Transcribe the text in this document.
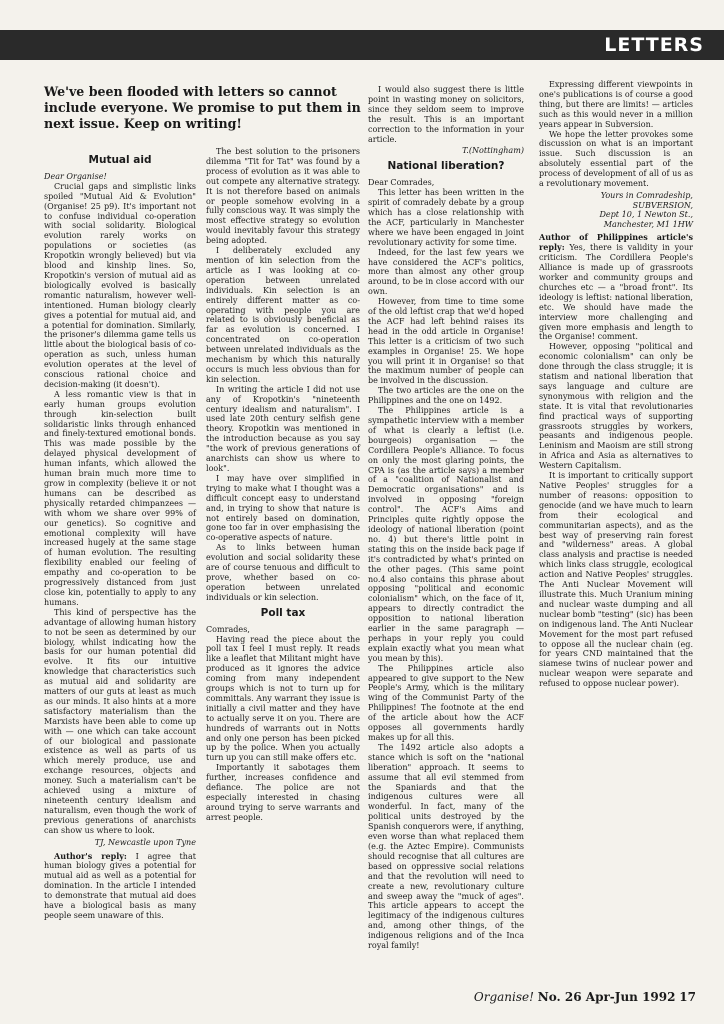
LETTERS
We've been flooded with letters so cannot include everyone. We promise to put them in next issue. Keep on writing!
Mutual aid

Dear Organise!

Crucial gaps and simplistic links spoiled "Mutual Aid & Evolution" (Organise! 25 p9). It's important not to confuse individual co-operation with social solidarity. Biological evolution rarely works on populations or societies (as Kropotkin wrongly believed) but via blood and kinship lines. So, Kropotkin's version of mutual aid as biologically evolved is basically romantic naturalism, however well-intentioned. Human biology clearly gives a potential for mutual aid, and a potential for domination. Similarly, the prisoner's dilemma game tells us little about the biological basis of co-operation as such, unless human evolution operates at the level of conscious rational choice and decision-making (it doesn't).

A less romantic view is that in early human groups evolution through kin-selection built solidaristic links through enhanced and finely-textured emotional bonds. This was made possible by the delayed physical development of human infants, which allowed the human brain much more time to grow in complexity (believe it or not humans can be described as physically retarded chimpanzees — with whom we share over 99% of our genetics). So cognitive and emotional complexity will have increased hugely at the same stage of human evolution. The resulting flexibility enabled our feeling of empathy and co-operation to be progressively distanced from just close kin, potentially to apply to any humans.

This kind of perspective has the advantage of allowing human history to not be seen as determined by our biology, whilst indicating how the basis for our human potential did evolve. It fits our intuitive knowledge that characteristics such as mutual aid and solidarity are matters of our guts at least as much as our minds. It also hints at a more satisfactory materialism than the Marxists have been able to come up with — one which can take account of our biological and passionate existence as well as parts of us which merely produce, use and exchange resources, objects and money. Such a materialism can't be achieved using a mixture of nineteenth century idealism and naturalism, even though the work of previous generations of anarchists can show us where to look.

TJ, Newcastle upon Tyne

Author's reply: I agree that human biology gives a potential for mutual aid as well as a potential for domination. In the article I intended to demonstrate that mutual aid does have a biological basis as many people seem unaware of this.

The best solution to the prisoners dilemma "Tit for Tat" was found by a process of evolution as it was able to out compete any alternative strategy. It is not therefore based on animals or people somehow evolving in a fully conscious way. It was simply the most effective strategy so evolution would inevitably favour this strategy being adopted.

I deliberately excluded any mention of kin selection from the article as I was looking at co-operation between unrelated individuals. Kin selection is an entirely different matter as co-operating with people you are related to is obviously beneficial as far as evolution is concerned. I concentrated on co-operation between unrelated individuals as the mechanism by which this naturally occurs is much less obvious than for kin selection.

In writing the article I did not use any of Kropotkin's "nineteenth century idealism and naturalism". I used late 20th century selfish gene theory. Kropotkin was mentioned in the introduction because as you say "the work of previous generations of anarchists can show us where to look".

I may have over simplified in trying to make what I thought was a difficult concept easy to understand and, in trying to show that nature is not entirely based on domination, gone too far in over emphasising the co-operative aspects of nature.

As to links between human evolution and social solidarity these are of course tenuous and difficult to prove, whether based on co-operation between unrelated individuals or kin selection.

Poll tax

Comrades,

Having read the piece about the poll tax I feel I must reply. It reads like a leaflet that Militant might have produced as it ignores the advice coming from many independent groups which is not to turn up for committals. Any warrant they issue is initially a civil matter and they have to actually serve it on you. There are hundreds of warrants out in Notts and only one person has been picked up by the police. When you actually turn up you can still make offers etc.

Importantly it sabotages them further, increases confidence and defiance. The police are not especially interested in chasing around trying to serve warrants and arrest people.

I would also suggest there is little point in wasting money on solicitors, since they seldom seem to improve the result. This is an important correction to the information in your article.

T.(Nottingham)

National liberation?

Dear Comrades,

This letter has been written in the spirit of comradely debate by a group which has a close relationship with the ACF, particularly in Manchester where we have been engaged in joint revolutionary activity for some time.

Indeed, for the last few years we have considered the ACF's politics, more than almost any other group around, to be in close accord with our own.

However, from time to time some of the old leftist crap that we'd hoped the ACF had left behind raises its head in the odd article in Organise! This letter is a criticism of two such examples in Organise! 25. We hope you will print it in Organise! so that the maximum number of people can be involved in the discussion.

The two articles are the one on the Philippines and the one on 1492.

The Philippines article is a sympathetic interview with a member of what is clearly a leftist (i.e. bourgeois) organisation — the Cordillera People's Alliance. To focus on only the most glaring points, the CPA is (as the article says) a member of a "coalition of Nationalist and Democratic organisations" and is involved in opposing "foreign control". The ACF's Aims and Principles quite rightly oppose the ideology of national liberation (point no. 4) but there's little point in stating this on the inside back page if it's contradicted by what's printed on the other pages. (This same point no.4 also contains this phrase about opposing "political and economic colonialism" which, on the face of it, appears to directly contradict the opposition to national liberation earlier in the same paragraph — perhaps in your reply you could explain exactly what you mean what you mean by this).

The Philippines article also appeared to give support to the New People's Army, which is the military wing of the Communist Party of the Philippines! The footnote at the end of the article about how the ACF opposes all governments hardly makes up for all this.

The 1492 article also adopts a stance which is soft on the "national liberation" approach. It seems to assume that all evil stemmed from the Spaniards and that the indigenous cultures were all wonderful. In fact, many of the political units destroyed by the Spanish conquerors were, if anything, even worse than what replaced them (e.g. the Aztec Empire). Communists should recognise that all cultures are based on oppressive social relations and that the revolution will need to create a new, revolutionary culture and sweep away the "muck of ages". This article appears to accept the legitimacy of the indigenous cultures and, among other things, of the indigenous religions and of the Inca royal family!

Expressing different viewpoints in one's publications is of course a good thing, but there are limits! — articles such as this would never in a million years appear in Subversion.

We hope the letter provokes some discussion on what is an important issue. Such discussion is an absolutely essential part of the process of development of all of us as a revolutionary movement.

Yours in Comradeship,
SUBVERSION,
Dept 10, 1 Newton St.,
Manchester, M1 1HW

Author of Philippines article's reply: Yes, there is validity in your criticism. The Cordillera People's Alliance is made up of grassroots worker and community groups and churches etc — a "broad front". Its ideology is leftist: national liberation, etc. We should have made the interview more challenging and given more emphasis and length to the Organise! comment.

However, opposing "political and economic colonialism" can only be done through the class struggle; it is statism and national liberation that says language and culture are synonymous with religion and the state. It is vital that revolutionaries find practical ways of supporting grassroots struggles by workers, peasants and indigenous people. Leninism and Maoism are still strong in Africa and Asia as alternatives to Western Capitalism.

It is important to critically support Native Peoples' struggles for a number of reasons: opposition to genocide (and we have much to learn from their ecological and communitarian aspects), and as the best way of preserving rain forest and "wilderness" areas. A global class analysis and practise is needed which links class struggle, ecological action and Native Peoples' struggles. The Anti Nuclear Movement will illustrate this. Much Uranium mining and nuclear waste dumping and all nuclear bomb "testing" (sic) has been on indigenous land. The Anti Nuclear Movement for the most part refused to oppose all the nuclear chain (eg. for years CND maintained that the siamese twins of nuclear power and nuclear weapon were separate and refused to oppose nuclear power).

Organise! No. 26 Apr-Jun 1992 17
